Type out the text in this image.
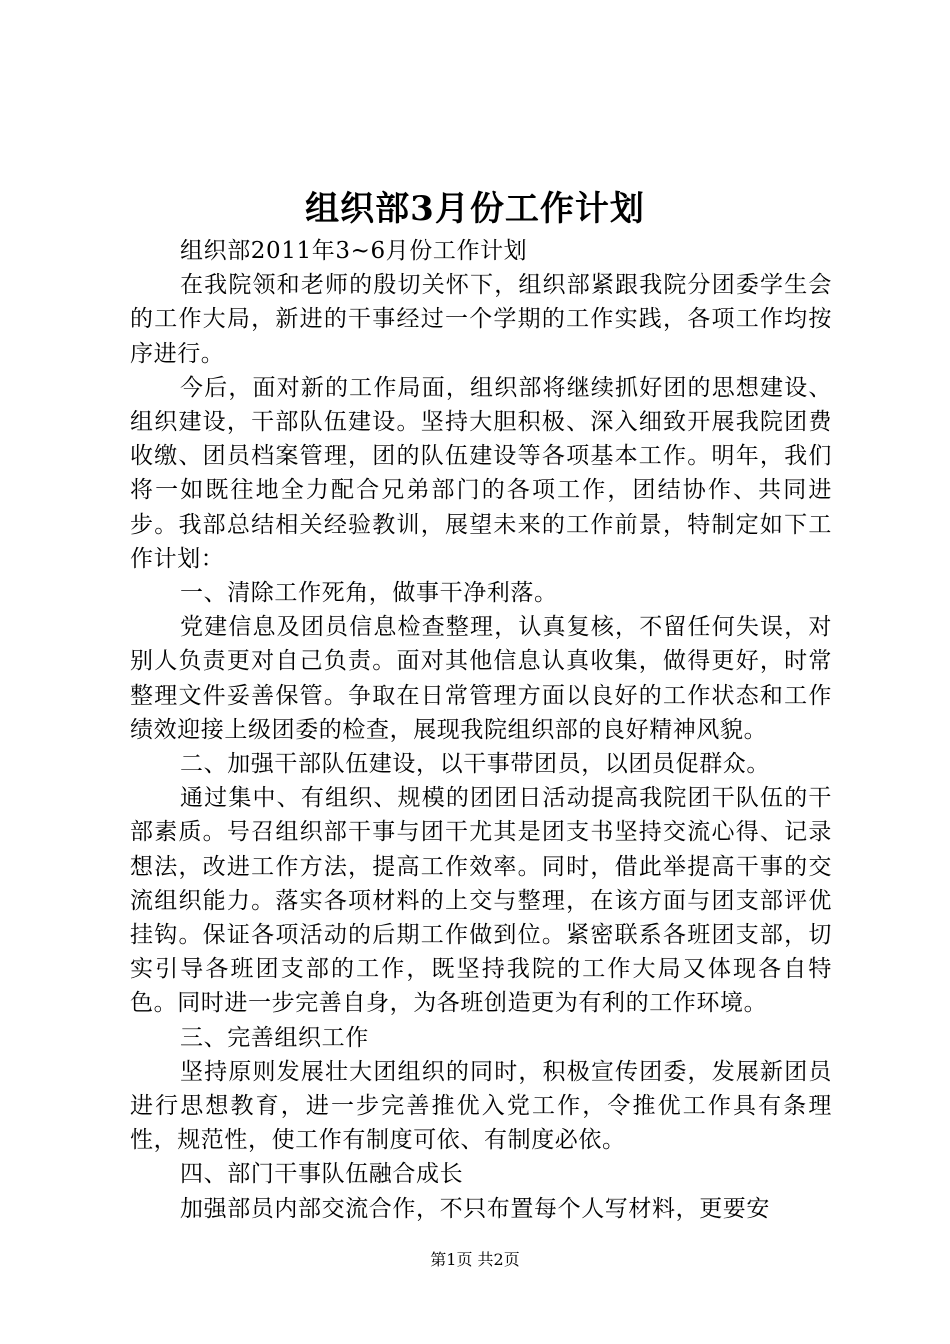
组织部3月份工作计划

组织部2011年3~6月份工作计划

在我院领和老师的殷切关怀下，组织部紧跟我院分团委学生会的工作大局，新进的干事经过一个学期的工作实践，各项工作均按序进行。

今后，面对新的工作局面，组织部将继续抓好团的思想建设、组织建设，干部队伍建设。坚持大胆积极、深入细致开展我院团费收缴、团员档案管理，团的队伍建设等各项基本工作。明年，我们将一如既往地全力配合兄弟部门的各项工作，团结协作、共同进步。我部总结相关经验教训，展望未来的工作前景，特制定如下工作计划：

一、清除工作死角，做事干净利落。

党建信息及团员信息检查整理，认真复核，不留任何失误，对别人负责更对自己负责。面对其他信息认真收集，做得更好，时常整理文件妥善保管。争取在日常管理方面以良好的工作状态和工作绩效迎接上级团委的检查，展现我院组织部的良好精神风貌。

二、加强干部队伍建设，以干事带团员，以团员促群众。

通过集中、有组织、规模的团团日活动提高我院团干队伍的干部素质。号召组织部干事与团干尤其是团支书坚持交流心得、记录想法，改进工作方法，提高工作效率。同时，借此举提高干事的交流组织能力。落实各项材料的上交与整理，在该方面与团支部评优挂钩。保证各项活动的后期工作做到位。紧密联系各班团支部，切实引导各班团支部的工作，既坚持我院的工作大局又体现各自特色。同时进一步完善自身，为各班创造更为有利的工作环境。

三、完善组织工作

坚持原则发展壮大团组织的同时，积极宣传团委，发展新团员进行思想教育，进一步完善推优入党工作，令推优工作具有条理性，规范性，使工作有制度可依、有制度必依。

四、部门干事队伍融合成长

加强部员内部交流合作，不只布置每个人写材料，更要安

第1页 共2页
